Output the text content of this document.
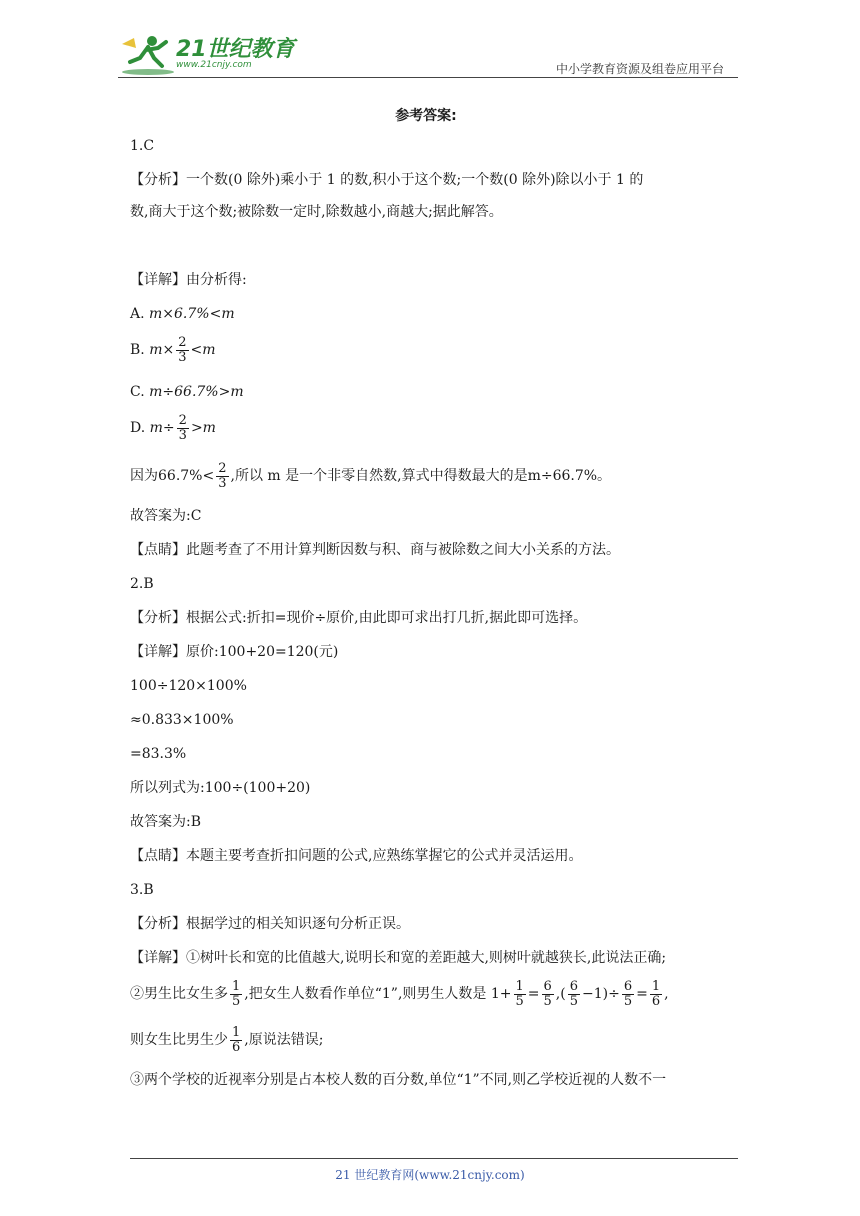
21世纪教育
www.21cnjy.com	中小学教育资源及组卷应用平台
参考答案:
1.C
【分析】一个数(0 除外)乘小于 1 的数,积小于这个数;一个数(0 除外)除以小于 1 的
数,商大于这个数;被除数一定时,除数越小,商越大;据此解答。
【详解】由分析得:
A. m×6.7%<m
B. $m\times \frac{2}{3} <m$
C. m÷66.7%>m
D. $m\div \frac{2}{3} >m$
因为$66.7\%< \frac{2}{3}$ ,所以 m 是一个非零自然数,算式中得数最大的是m÷66.7%。
故答案为:C
【点睛】此题考查了不用计算判断因数与积、商与被除数之间大小关系的方法。
2.B
【分析】根据公式:折扣=现价÷原价,由此即可求出打几折,据此即可选择。
【详解】原价:100+20=120(元)
100÷120×100%
≈0.833×100%
=83.3%
所以列式为:100÷(100+20)
故答案为:B
【点睛】本题主要考查折扣问题的公式,应熟练掌握它的公式并灵活运用。
3.B
【分析】根据学过的相关知识逐句分析正误。
【详解】①树叶长和宽的比值越大,说明长和宽的差距越大,则树叶就越狭长,此说法正确;
②男生比女生多 $\frac{1}{5}$ ,把女生人数看作单位“1”,则男生人数是 $1+ \frac{1}{5} = \frac{6}{5}$ ,( $\frac{6}{5} -1)\div \frac{6}{5} = \frac{1}{6}$ ,
则女生比男生少 $\frac{1}{6}$ ,原说法错误;
③两个学校的近视率分别是占本校人数的百分数,单位“1”不同,则乙学校近视的人数不一
21 世纪教育网(www.21cnjy.com)
